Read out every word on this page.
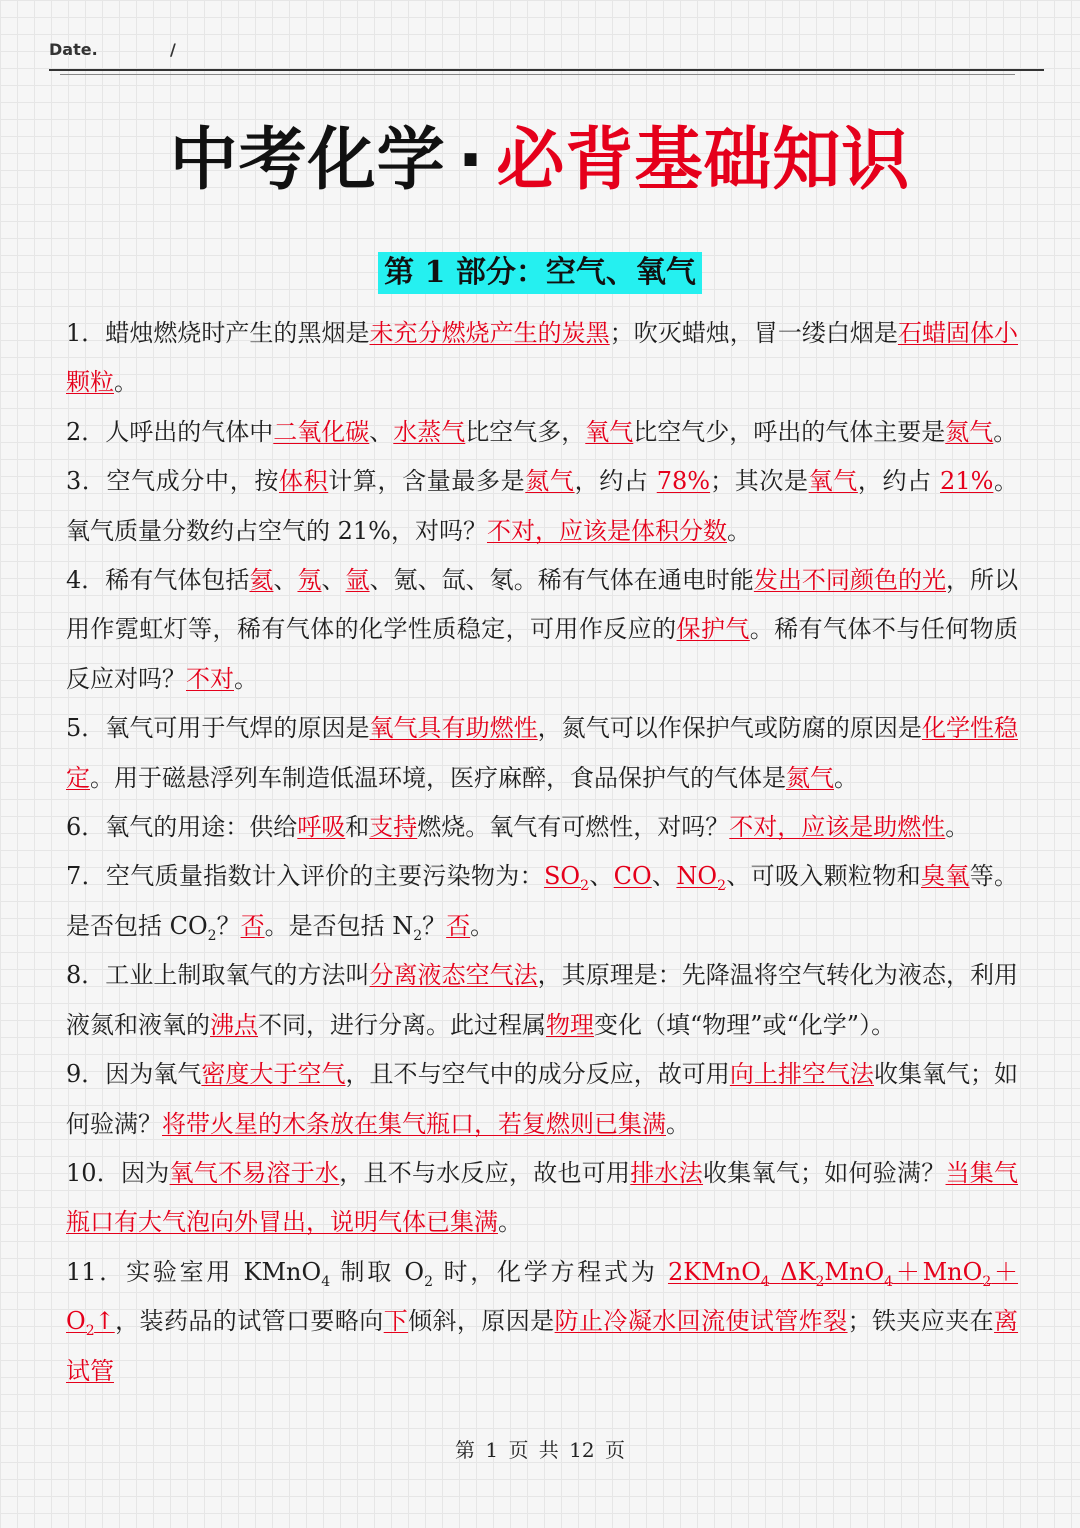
Date.	/
中考化学 · 必背基础知识
第 1 部分：空气、氧气

1．蜡烛燃烧时产生的黑烟是未充分燃烧产生的炭黑；吹灭蜡烛，冒一缕白烟是石蜡固体小颗粒。

2．人呼出的气体中二氧化碳、水蒸气比空气多，氧气比空气少，呼出的气体主要是氮气。

3．空气成分中，按体积计算，含量最多是氮气，约占 78%；其次是氧气，约占 21%。氧气质量分数约占空气的 21%，对吗？不对，应该是体积分数。

4．稀有气体包括氦、氖、氩、氪、氙、氡。稀有气体在通电时能发出不同颜色的光，所以用作霓虹灯等，稀有气体的化学性质稳定，可用作反应的保护气。稀有气体不与任何物质反应对吗？不对。

5．氧气可用于气焊的原因是氧气具有助燃性，氮气可以作保护气或防腐的原因是化学性稳定。用于磁悬浮列车制造低温环境，医疗麻醉，食品保护气的气体是氮气。

6．氧气的用途：供给呼吸和支持燃烧。氧气有可燃性，对吗？不对，应该是助燃性。

7．空气质量指数计入评价的主要污染物为：$SO_2$、CO、$NO_2$、可吸入颗粒物和臭氧等。是否包括 $CO_2$？否。是否包括 $N_2$？否。

8．工业上制取氧气的方法叫分离液态空气法，其原理是：先降温将空气转化为液态，利用液氮和液氧的沸点不同，进行分离。此过程属物理变化（填“物理”或“化学”）。

9．因为氧气密度大于空气，且不与空气中的成分反应，故可用向上排空气法收集氧气；如何验满？将带火星的木条放在集气瓶口，若复燃则已集满。

10．因为氧气不易溶于水，且不与水反应，故也可用排水法收集氧气；如何验满？当集气瓶口有大气泡向外冒出，说明气体已集满。

11．实验室用 KMnO$_4$ 制取 $O_2$ 时，化学方程式为 2KMnO$_4$ $\Delta K_2MnO_4+MnO_2+O_2↑$，装药品的试管口要略向下倾斜，原因是防止冷凝水回流使试管炸裂；铁夹应夹在离试管

第 1 页 共 12 页
